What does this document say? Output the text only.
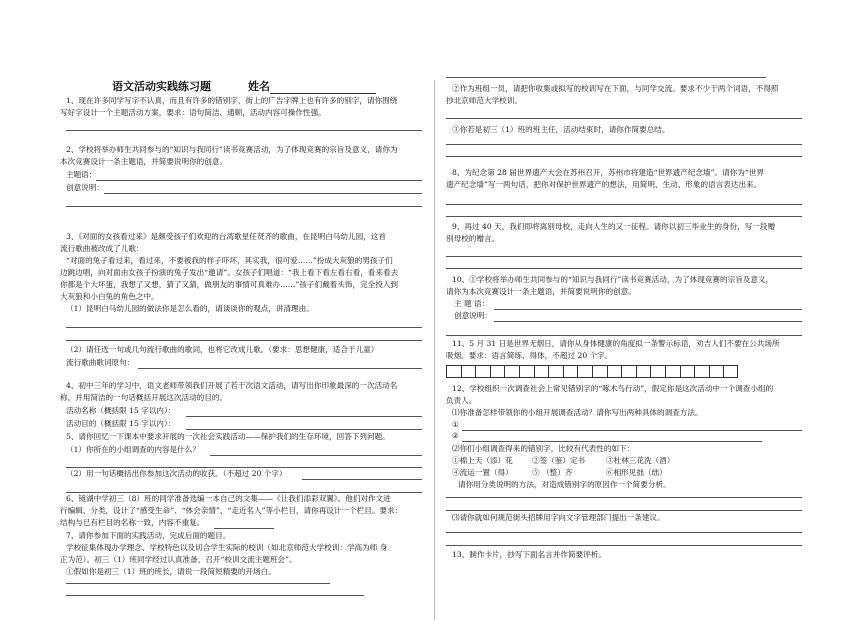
语文活动实践练习题	姓名
1、现在许多同学写字不认真，而且有许多的错别字，街上的广告字牌上也有许多的别字，请你围绕
写好字设计一个主题活动方案，要求：语句简洁、通顺，活动内容可操作性强。
2、学校将举办师生共同参与的“知识与我同行”读书竞赛活动，为了体现竞赛的宗旨及意义，请你为
本次竞赛设计一条主题语，并简要说明你的创意。
主题语：
创意说明：
3、《对面的女孩看过来》是颇受孩子们欢迎的台湾歌星任贤齐的歌曲，在昆明白马幼儿园，这首
流行歌曲被改成了儿歌：
“对面的兔子看过来，看过来，不要被我的样子吓坏，其实我，很可爱……”扮成大灰狼的男孩子们
边跳边唱，向对面由女孩子扮演的兔子发出“邀请”。女孩子们唱道：“我上看下看左看右看，看来看去
你都是个大坏蛋，我想了又想，猜了又猜，做朋友的事情可真难办……”孩子们戴着头饰，完全投入到
大灰狼和小白兔的角色之中。
（1）昆明白马幼儿园的做法你是怎么看的，请谈谈你的观点，讲清理由。
（2）请任选一句或几句流行歌曲的歌词，也将它改成儿歌。（要求：思想健康，适合于儿童）
流行歌曲歌词原句：
4、初中三年的学习中，语文老师带领我们开展了若干次语文活动，请写出你印象最深的一次活动名
称，并用简洁的一句话概括开展这次活动的目的。
活动名称（概括限 15 字以内）：
活动目的（概括限 15 字以内）：
5、请你回忆一下课本中要求开展的一次社会实践活动——保护我们的生存环境，回答下列问题。
（1）你所在的小组调查的内容是什么？
（2）用一句话概括出你参加这次活动的收获。（不超过 20 个字）
6、镜湖中学初三（8）班的同学准备选编一本自己的文集——《让我们添彩双翼》。他们对作文进
行编辑、分类，设计了“感受生命”、“体会亲情”、“走近名人”等小栏目，请你再设计一个栏目。要求：
结构与已有栏目的名称一致，内容不重复。
7、请你参加下面的实践活动，完成后面的题目。
学校征集体现办学理念、学校特色以及切合学生实际的校训（如北京师范大学校训：学高为师 身
正为范）。初三（1）班同学经过认真准备，召开“校训交流主题班会”。
①假如你是初三（1）班的班长，请说一段简短精要的开场白。
②作为班组一员，请把你收集或拟写的校训写在下面，与同学交流。要求不少于两个词语，不得照
抄北京师范大学校训。
③你若是初三（1）班的班主任，活动结束时，请你作简要总结。
8、为纪念第 28 届世界遗产大会在苏州召开，苏州市将建造“世界遗产纪念墙”。请你为“世界
遗产纪念墙”写一两句话，把你对保护世界遗产的想法，用简明、生动、形象的语言表达出来。
9、再过 40 天，我们即将离别母校，走向人生的又一征程。请你以初三毕业生的身份，写一段赠
别母校的赠言。
10、①学校将举办师生共同参与的“知识与我同行”读书竞赛活动，为了体现竞赛的宗旨及意义，
请你为本次竞赛设计一条主题语，并简要说明你的创意。
主 题 语：
创意说明：
11、5 月 31 日是世界无烟日，请你从身体健康的角度拟一条警示标语，劝吉人们不要在公共场所
吸烟。要求：语言简练、得体，不超过 20 个字。
12、学校组织一次调查社会上常见错别字的“啄木鸟行动”，假定你是这次活动中一个调查小组的
负责人。
⑴你准备怎样带领你的小组开展调查活动？请你写出两种具体的调查方法。
①
②
⑵你们小组调查得来的错别字，比较有代表性的如下：
①棉上天（添）花	②签（鉴）定书	③杜林三花洗（酒）
④流运一置（得）	⑤ （整）齐	⑥相形见拙（绌）
请你用分类说明的方法，对造成错别字的原因作一个简要分析。
⑶请你就如何规范街头招牌用字向文字管理部门提出一条建议。
13、制作卡片，抄写下面名言并作简要评析。
